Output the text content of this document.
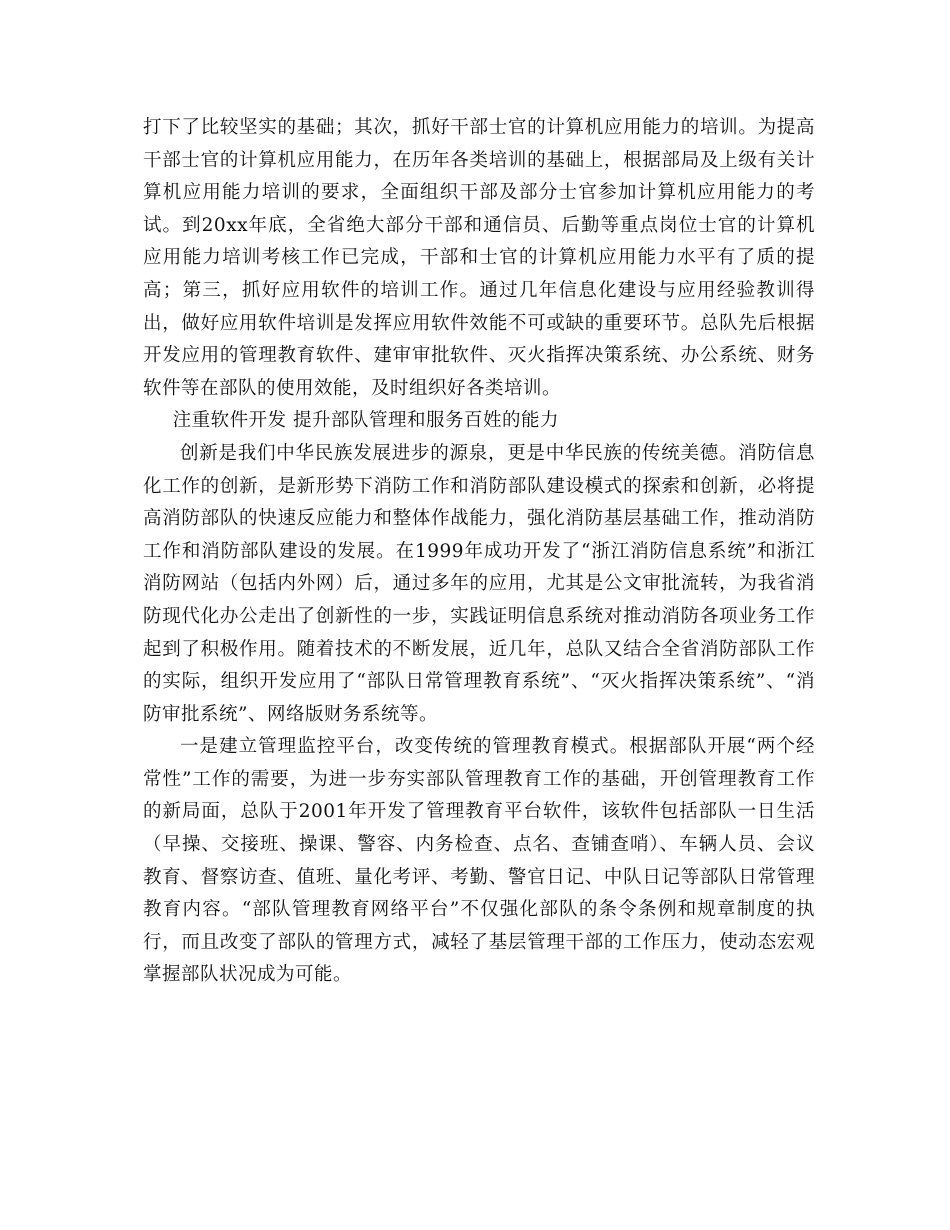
打下了比较坚实的基础；其次，抓好干部士官的计算机应用能力的培训。为提高干部士官的计算机应用能力，在历年各类培训的基础上，根据部局及上级有关计算机应用能力培训的要求，全面组织干部及部分士官参加计算机应用能力的考试。到20xx年底，全省绝大部分干部和通信员、后勤等重点岗位士官的计算机应用能力培训考核工作已完成，干部和士官的计算机应用能力水平有了质的提高；第三，抓好应用软件的培训工作。通过几年信息化建设与应用经验教训得出，做好应用软件培训是发挥应用软件效能不可或缺的重要环节。总队先后根据开发应用的管理教育软件、建审审批软件、灭火指挥决策系统、办公系统、财务软件等在部队的使用效能，及时组织好各类培训。

注重软件开发 提升部队管理和服务百姓的能力

创新是我们中华民族发展进步的源泉，更是中华民族的传统美德。消防信息化工作的创新，是新形势下消防工作和消防部队建设模式的探索和创新，必将提高消防部队的快速反应能力和整体作战能力，强化消防基层基础工作，推动消防工作和消防部队建设的发展。在1999年成功开发了“浙江消防信息系统”和浙江消防网站（包括内外网）后，通过多年的应用，尤其是公文审批流转，为我省消防现代化办公走出了创新性的一步，实践证明信息系统对推动消防各项业务工作起到了积极作用。随着技术的不断发展，近几年，总队又结合全省消防部队工作的实际，组织开发应用了“部队日常管理教育系统”、“灭火指挥决策系统”、“消防审批系统”、网络版财务系统等。

一是建立管理监控平台，改变传统的管理教育模式。根据部队开展“两个经常性”工作的需要，为进一步夯实部队管理教育工作的基础，开创管理教育工作的新局面，总队于2001年开发了管理教育平台软件，该软件包括部队一日生活（早操、交接班、操课、警容、内务检查、点名、查铺查哨）、车辆人员、会议教育、督察访查、值班、量化考评、考勤、警官日记、中队日记等部队日常管理教育内容。“部队管理教育网络平台”不仅强化部队的条令条例和规章制度的执行，而且改变了部队的管理方式，减轻了基层管理干部的工作压力，使动态宏观掌握部队状况成为可能。
